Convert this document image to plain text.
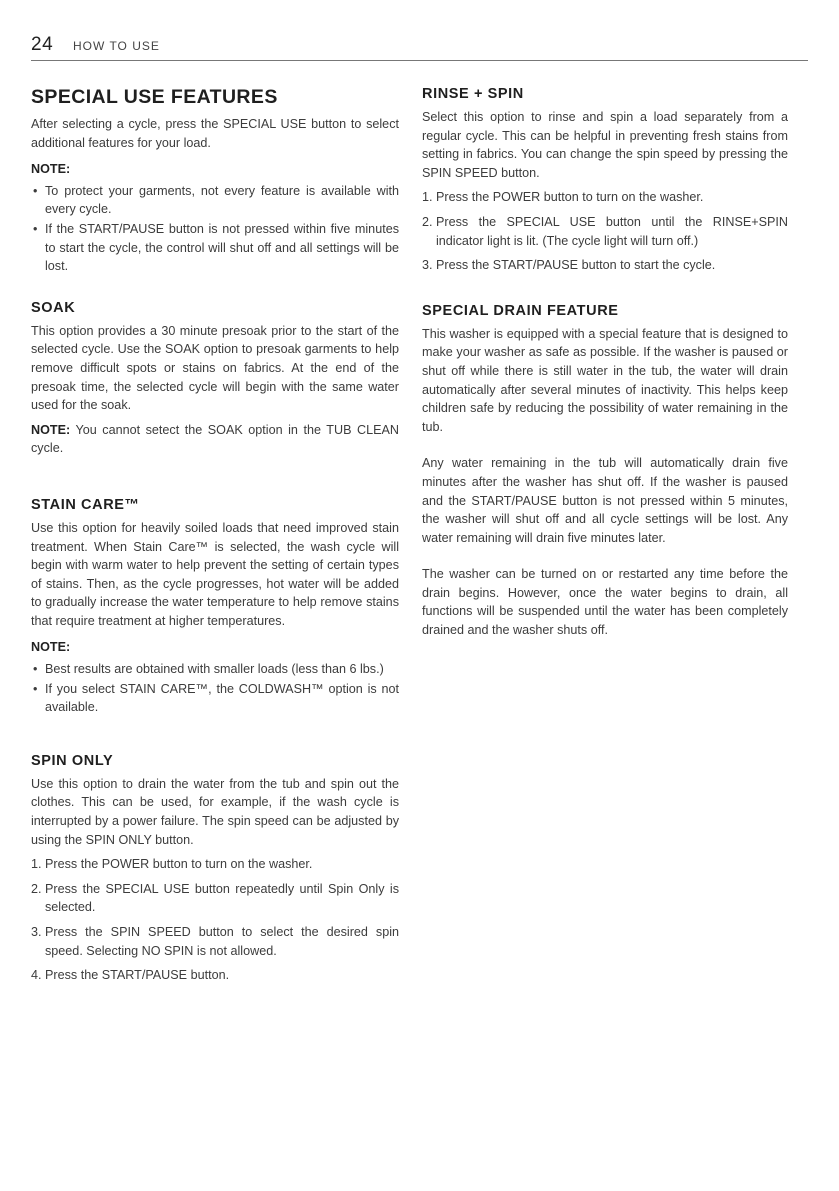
24 HOW TO USE
SPECIAL USE FEATURES

After selecting a cycle, press the SPECIAL USE button to select additional features for your load.

NOTE:
• To protect your garments, not every feature is available with every cycle.
• If the START/PAUSE button is not pressed within five minutes to start the cycle, the control will shut off and all settings will be lost.
SOAK

This option provides a 30 minute presoak prior to the start of the selected cycle. Use the SOAK option to presoak garments to help remove difficult spots or stains on fabrics. At the end of the presoak time, the selected cycle will begin with the same water used for the soak.

NOTE: You cannot setect the SOAK option in the TUB CLEAN cycle.

STAIN CARE™

Use this option for heavily soiled loads that need improved stain treatment. When Stain Care™ is selected, the wash cycle will begin with warm water to help prevent the setting of certain types of stains. Then, as the cycle progresses, hot water will be added to gradually increase the water temperature to help remove stains that require treatment at higher temperatures.

NOTE:
• Best results are obtained with smaller loads (less than 6 lbs.)
• If you select STAIN CARE™, the COLDWASH™ option is not available.
SPIN ONLY

Use this option to drain the water from the tub and spin out the clothes. This can be used, for example, if the wash cycle is interrupted by a power failure. The spin speed can be adjusted by using the SPIN ONLY button.

1. Press the POWER button to turn on the washer.
2. Press the SPECIAL USE button repeatedly until Spin Only is selected.
3. Press the SPIN SPEED button to select the desired spin speed. Selecting NO SPIN is not allowed.
4. Press the START/PAUSE button.
RINSE + SPIN

Select this option to rinse and spin a load separately from a regular cycle. This can be helpful in preventing fresh stains from setting in fabrics. You can change the spin speed by pressing the SPIN SPEED button.

1. Press the POWER button to turn on the washer.
2. Press the SPECIAL USE button until the RINSE+SPIN indicator light is lit. (The cycle light will turn off.)
3. Press the START/PAUSE button to start the cycle.
SPECIAL DRAIN FEATURE

This washer is equipped with a special feature that is designed to make your washer as safe as possible. If the washer is paused or shut off while there is still water in the tub, the water will drain automatically after several minutes of inactivity. This helps keep children safe by reducing the possibility of water remaining in the tub.

Any water remaining in the tub will automatically drain five minutes after the washer has shut off. If the washer is paused and the START/PAUSE button is not pressed within 5 minutes, the washer will shut off and all cycle settings will be lost. Any water remaining will drain five minutes later.

The washer can be turned on or restarted any time before the drain begins. However, once the water begins to drain, all functions will be suspended until the water has been completely drained and the washer shuts off.
